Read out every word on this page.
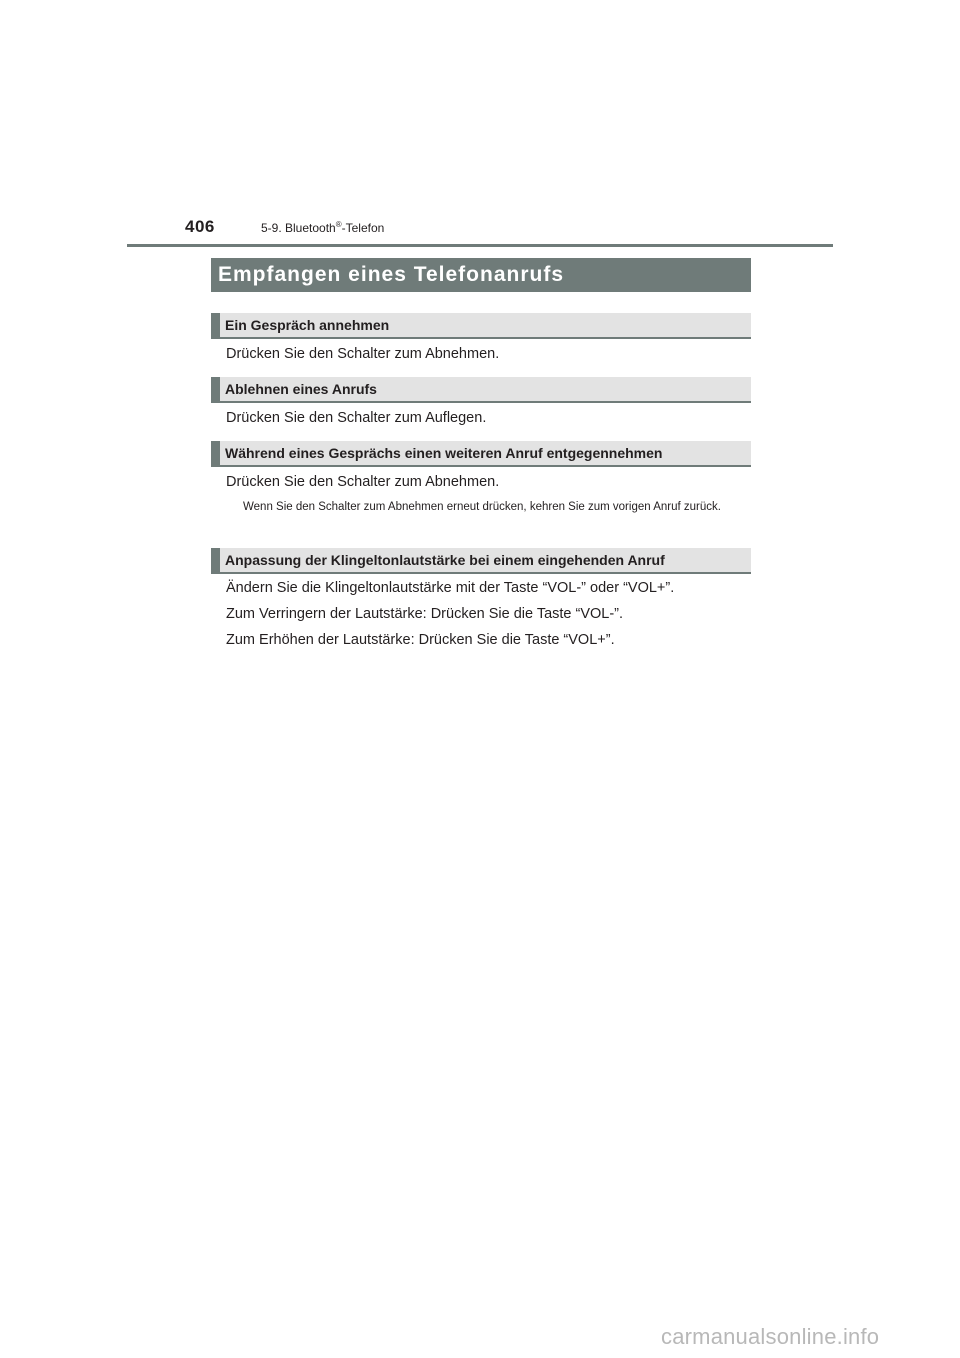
406	5-9. Bluetooth®-Telefon
Empfangen eines Telefonanrufs
Ein Gespräch annehmen
Drücken Sie den Schalter zum Abnehmen.
Ablehnen eines Anrufs
Drücken Sie den Schalter zum Auflegen.
Während eines Gesprächs einen weiteren Anruf entgegennehmen
Drücken Sie den Schalter zum Abnehmen.
Wenn Sie den Schalter zum Abnehmen erneut drücken, kehren Sie zum vorigen Anruf zurück.
Anpassung der Klingeltonlautstärke bei einem eingehenden Anruf
Ändern Sie die Klingeltonlautstärke mit der Taste “VOL-” oder “VOL+”.
Zum Verringern der Lautstärke: Drücken Sie die Taste “VOL-”.
Zum Erhöhen der Lautstärke: Drücken Sie die Taste “VOL+”.
carmanualsonline.info
